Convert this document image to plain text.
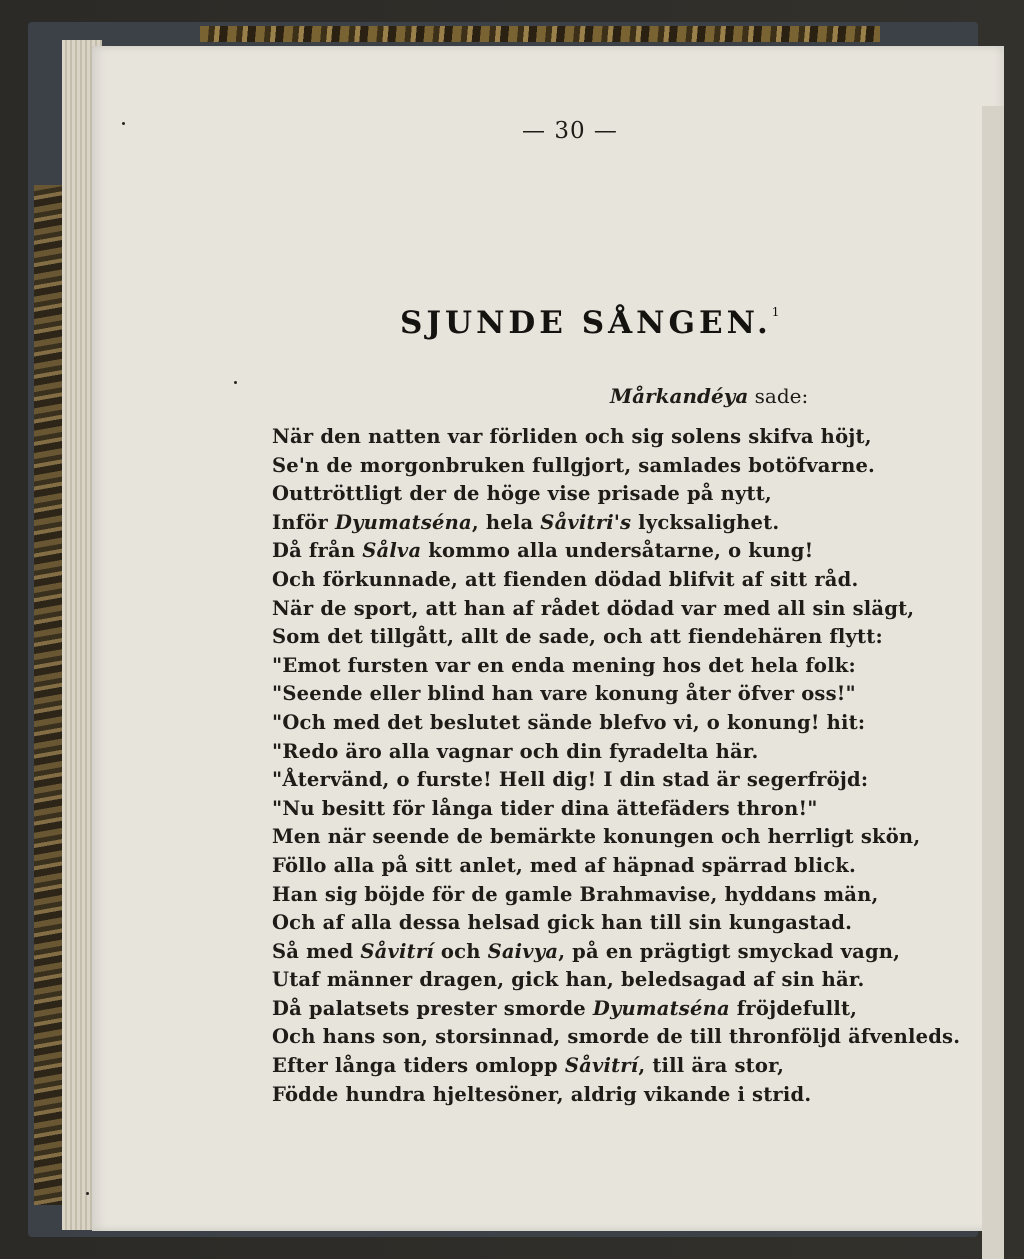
— 30 —
SJUNDE SÅNGEN.$^1$
Mårkandéya sade:
När den natten var förliden och sig solens skifva höjt,
Se'n de morgonbruken fullgjort, samlades botöfvarne.
Outtröttligt der de höge vise prisade på nytt,
Inför Dyumatséna, hela Såvitri's lycksalighet.
Då från Sålva kommo alla undersåtarne, o kung!
Och förkunnade, att fienden dödad blifvit af sitt råd.
När de sport, att han af rådet dödad var med all sin slägt,
Som det tillgått, allt de sade, och att fiendehären flytt:
"Emot fursten var en enda mening hos det hela folk:
"Seende eller blind han vare konung åter öfver oss!"
"Och med det beslutet sände blefvo vi, o konung! hit:
"Redo äro alla vagnar och din fyradelta här.
"Återvänd, o furste! Hell dig! I din stad är segerfröjd:
"Nu besitt för långa tider dina ättefäders thron!"
Men när seende de bemärkte konungen och herrligt skön,
Föllo alla på sitt anlet, med af häpnad spärrad blick.
Han sig böjde för de gamle Brahmavise, hyddans män,
Och af alla dessa helsad gick han till sin kungastad.
Så med Såvitrí och Saivya, på en prägtigt smyckad vagn,
Utaf männer dragen, gick han, beledsagad af sin här.
Då palatsets prester smorde Dyumatséna fröjdefullt,
Och hans son, storsinnad, smorde de till thronföljd äfvenleds.
Efter långa tiders omlopp Såvitrí, till ära stor,
Födde hundra hjeltesöner, aldrig vikande i strid.
